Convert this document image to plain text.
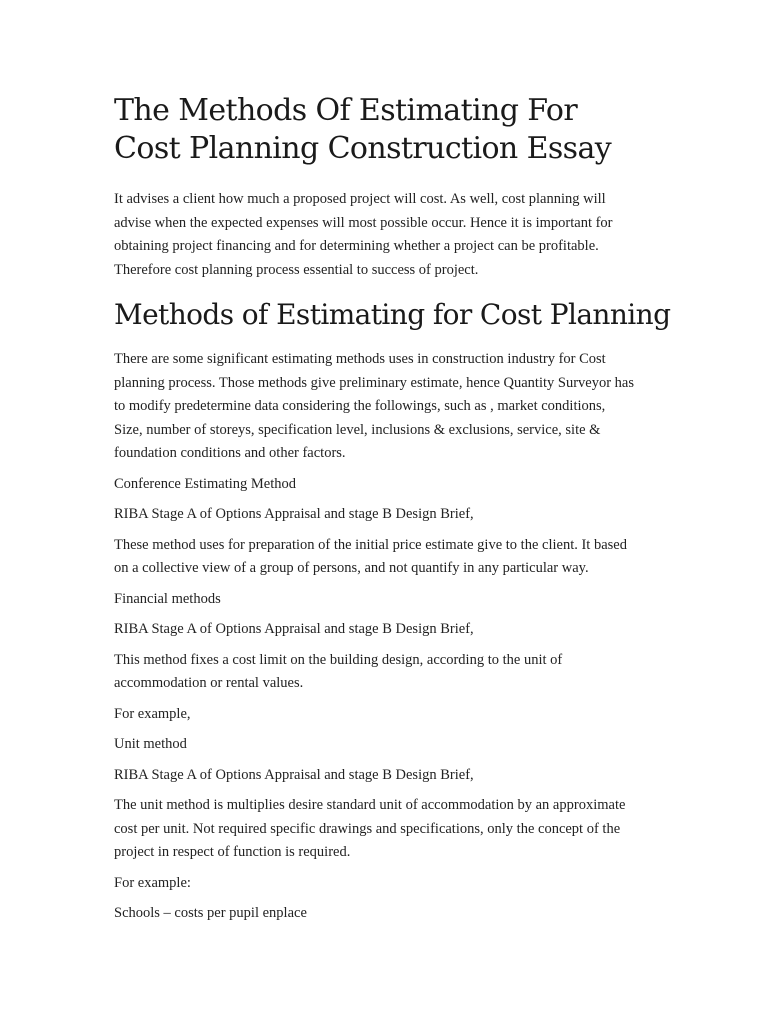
The Methods Of Estimating For
Cost Planning Construction Essay

It advises a client how much a proposed project will cost. As well, cost planning will
advise when the expected expenses will most possible occur. Hence it is important for
obtaining project financing and for determining whether a project can be profitable.
Therefore cost planning process essential to success of project.

Methods of Estimating for Cost Planning

There are some significant estimating methods uses in construction industry for Cost
planning process. Those methods give preliminary estimate, hence Quantity Surveyor has
to modify predetermine data considering the followings, such as , market conditions,
Size, number of storeys, specification level, inclusions & exclusions, service, site &
foundation conditions and other factors.

Conference Estimating Method

RIBA Stage A of Options Appraisal and stage B Design Brief,

These method uses for preparation of the initial price estimate give to the client. It based
on a collective view of a group of persons, and not quantify in any particular way.

Financial methods

RIBA Stage A of Options Appraisal and stage B Design Brief,

This method fixes a cost limit on the building design, according to the unit of
accommodation or rental values.

For example,

Unit method

RIBA Stage A of Options Appraisal and stage B Design Brief,

The unit method is multiplies desire standard unit of accommodation by an approximate
cost per unit. Not required specific drawings and specifications, only the concept of the
project in respect of function is required.

For example:

Schools – costs per pupil enplace
